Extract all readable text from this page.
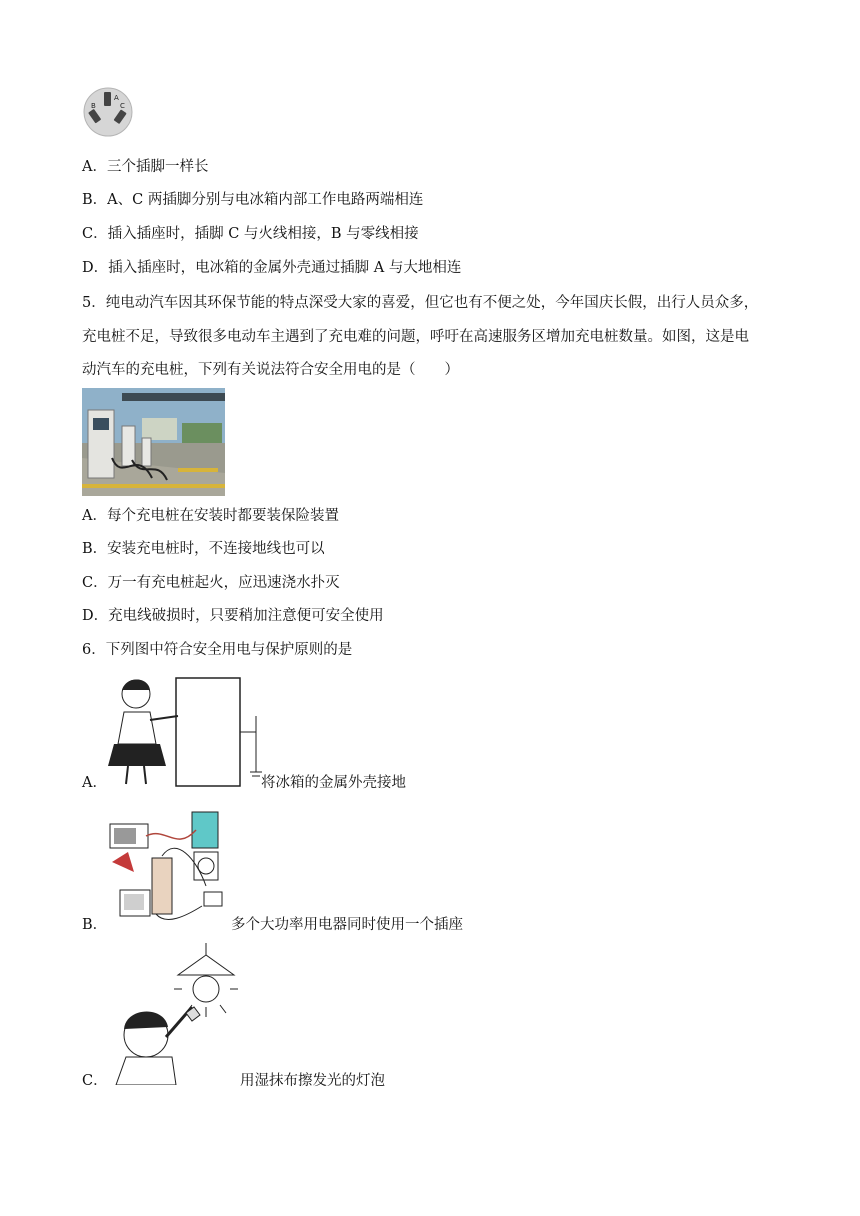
A
B	C
A．三个插脚一样长
B．A、C 两插脚分别与电冰箱内部工作电路两端相连
C．插入插座时，插脚 C 与火线相接，B 与零线相接
D．插入插座时，电冰箱的金属外壳通过插脚 A 与大地相连
5．纯电动汽车因其环保节能的特点深受大家的喜爱，但它也有不便之处，今年国庆长假，出行人员众多，
充电桩不足，导致很多电动车主遇到了充电难的问题，呼吁在高速服务区增加充电桩数量。如图，这是电
动汽车的充电桩，下列有关说法符合安全用电的是（　　）
A．每个充电桩在安装时都要装保险装置
B．安装充电桩时，不连接地线也可以
C．万一有充电桩起火，应迅速浇水扑灭
D．充电线破损时，只要稍加注意便可安全使用
6．下列图中符合安全用电与保护原则的是
A．	将冰箱的金属外壳接地
B．	多个大功率用电器同时使用一个插座
C．	用湿抹布擦发光的灯泡
